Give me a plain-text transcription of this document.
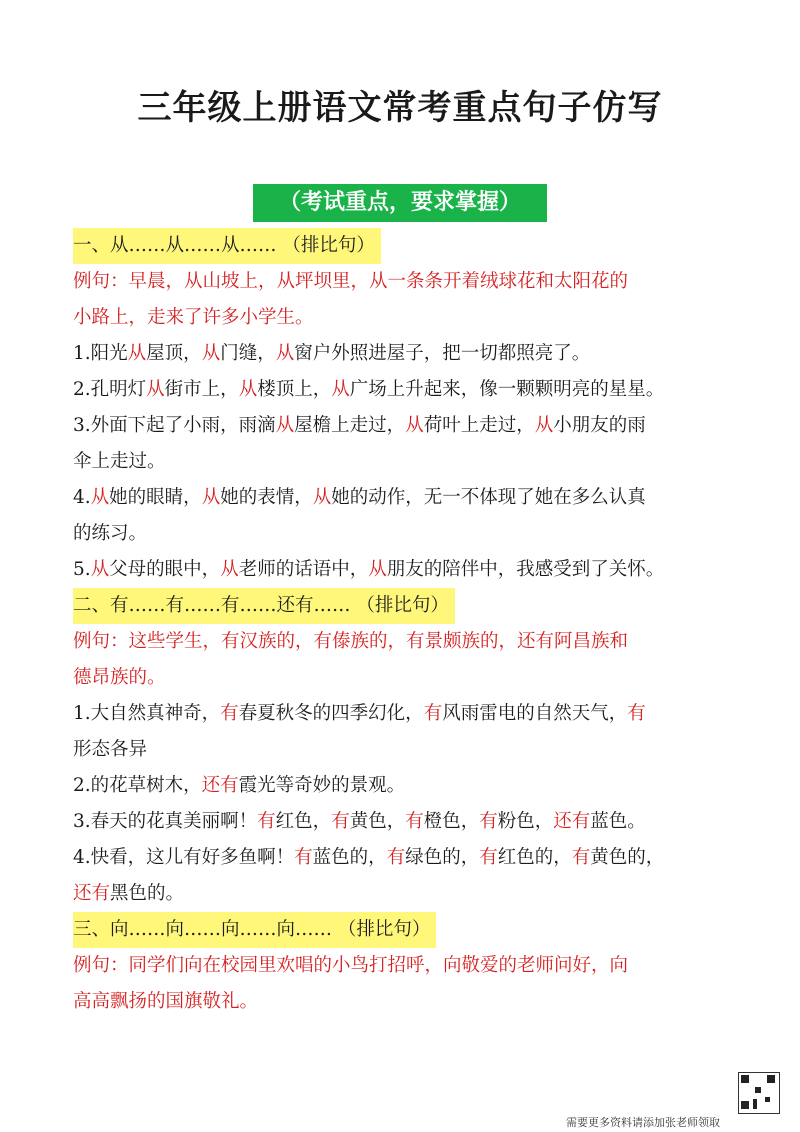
三年级上册语文常考重点句子仿写
（考试重点，要求掌握）

一、从……从……从…… （排比句）

例句：早晨，从山坡上，从坪坝里，从一条条开着绒球花和太阳花的

小路上，走来了许多小学生。

1.阳光从屋顶，从门缝，从窗户外照进屋子，把一切都照亮了。

2.孔明灯从街市上，从楼顶上，从广场上升起来，像一颗颗明亮的星星。

3.外面下起了小雨，雨滴从屋檐上走过，从荷叶上走过，从小朋友的雨

伞上走过。

4.从她的眼睛，从她的表情，从她的动作，无一不体现了她在多么认真

的练习。

5.从父母的眼中，从老师的话语中，从朋友的陪伴中，我感受到了关怀。

二、有……有……有……还有…… （排比句）

例句：这些学生，有汉族的，有傣族的，有景颇族的，还有阿昌族和

德昂族的。

1.大自然真神奇，有春夏秋冬的四季幻化，有风雨雷电的自然天气，有

形态各异

2.的花草树木，还有霞光等奇妙的景观。

3.春天的花真美丽啊！有红色，有黄色，有橙色，有粉色，还有蓝色。

4.快看，这儿有好多鱼啊！有蓝色的，有绿色的，有红色的，有黄色的，

还有黑色的。

三、向……向……向……向…… （排比句）

例句：同学们向在校园里欢唱的小鸟打招呼，向敬爱的老师问好，向

高高飘扬的国旗敬礼。

需要更多资料请添加张老师领取
